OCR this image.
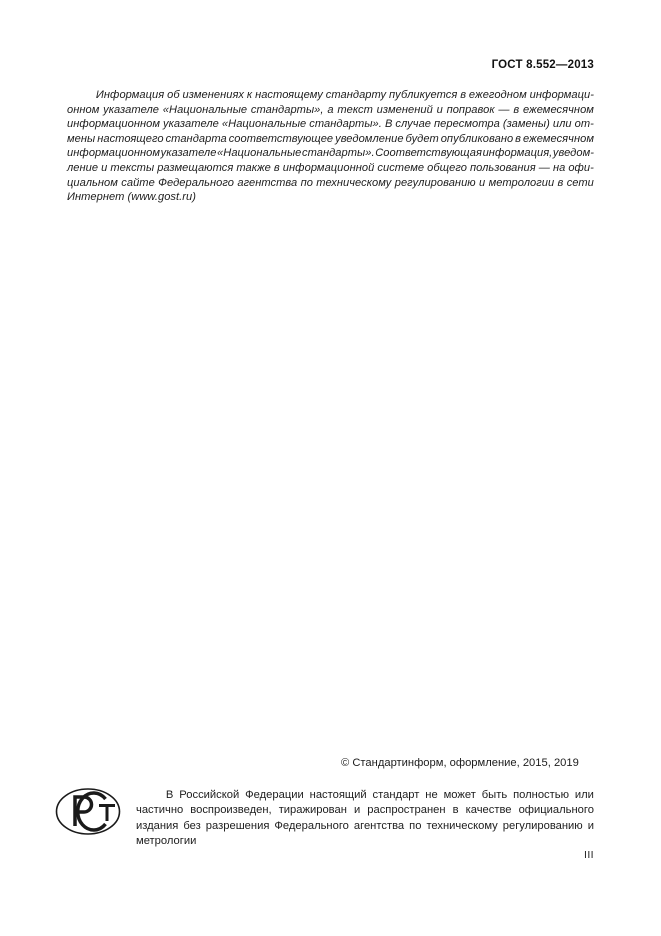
ГОСТ 8.552—2013
Информация об изменениях к настоящему стандарту публикуется в ежегодном информаци-
онном указателе «Национальные стандарты», а текст изменений и поправок — в ежемесячном
информационном указателе «Национальные стандарты». В случае пересмотра (замены) или от-
мены настоящего стандарта соответствующее уведомление будет опубликовано в ежемесячном
информационном указателе «Национальные стандарты». Соответствующая информация, уведом-
ление и тексты размещаются также в информационной системе общего пользования — на офи-
циальном сайте Федерального агентства по техническому регулированию и метрологии в сети
Интернет (www.gost.ru)
© Стандартинформ, оформление, 2015, 2019
В Российской Федерации настоящий стандарт не может быть полностью или
частично воспроизведен, тиражирован и распространен в качестве официального
издания без разрешения Федерального агентства по техническому регулированию и
метрологии
III
